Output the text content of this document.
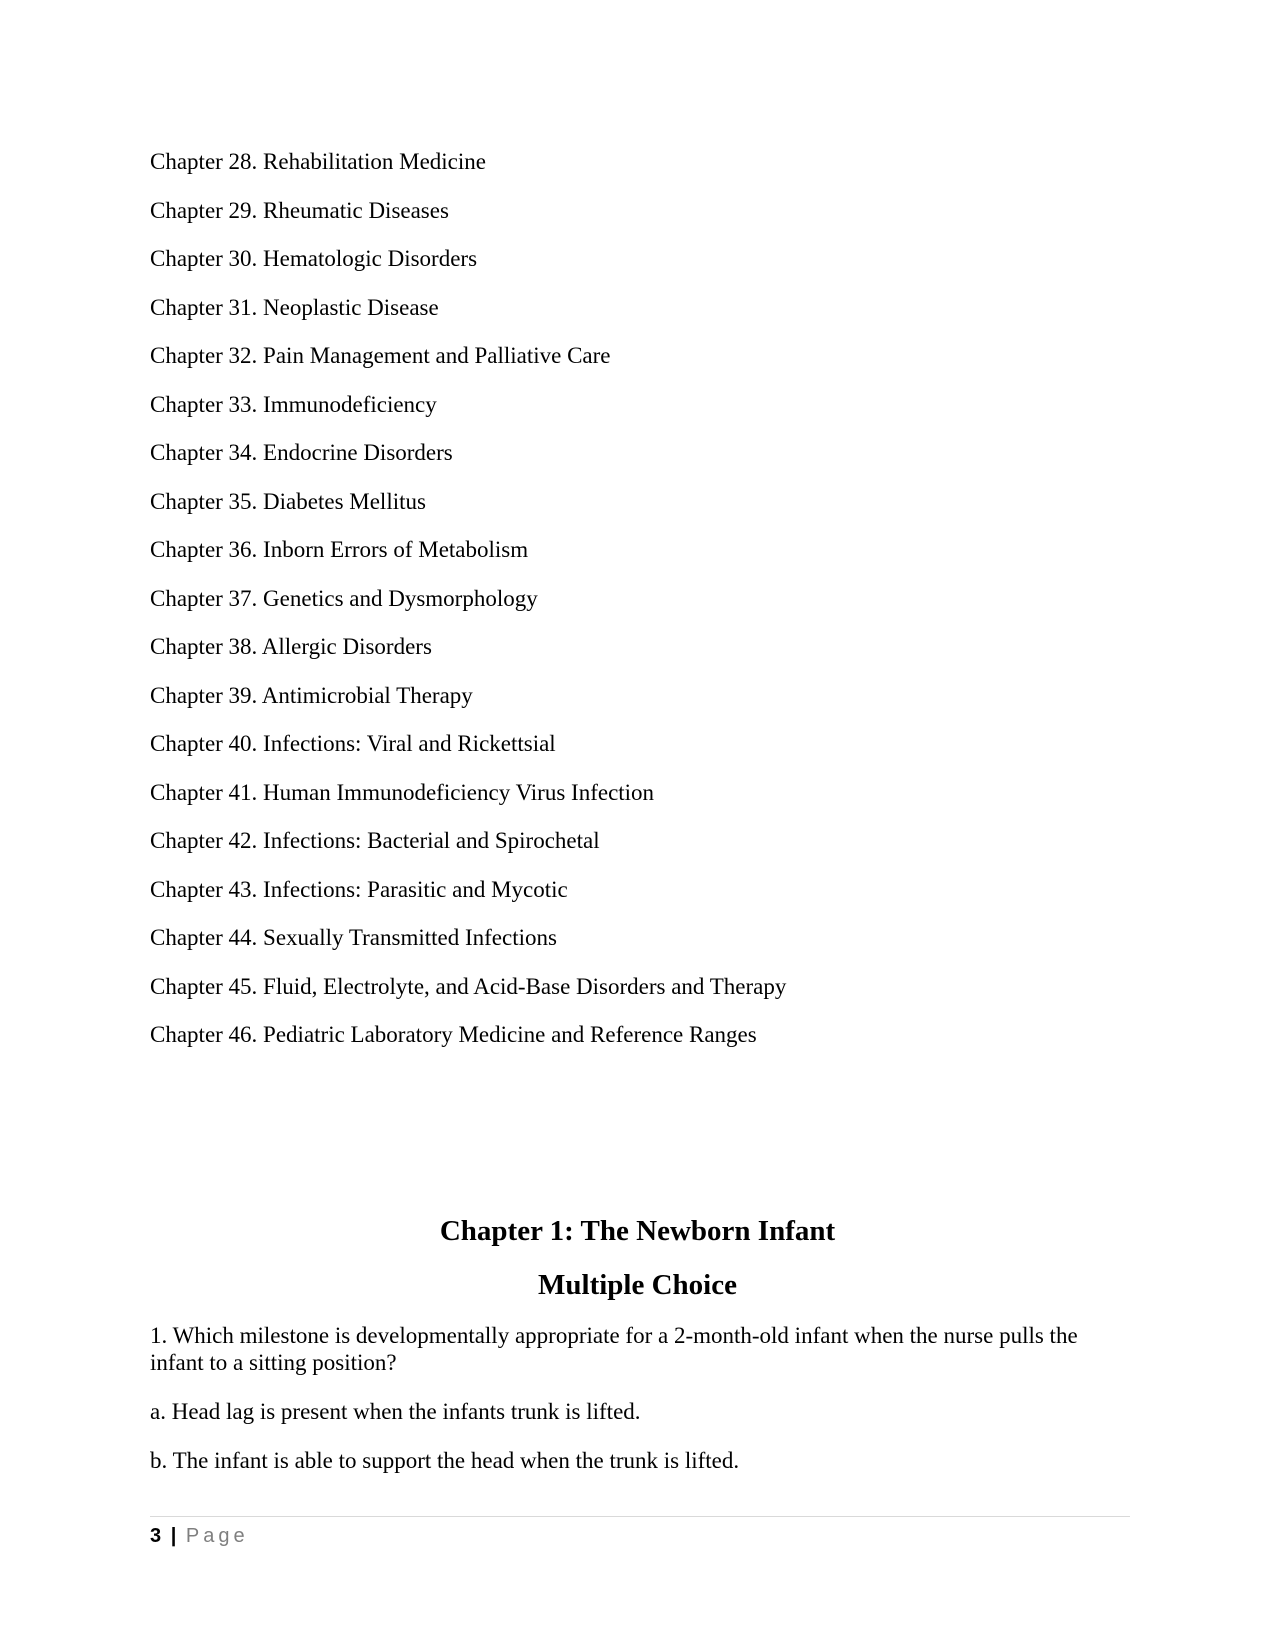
Chapter 28. Rehabilitation Medicine
Chapter 29. Rheumatic Diseases
Chapter 30. Hematologic Disorders
Chapter 31. Neoplastic Disease
Chapter 32. Pain Management and Palliative Care
Chapter 33. Immunodeficiency
Chapter 34. Endocrine Disorders
Chapter 35. Diabetes Mellitus
Chapter 36. Inborn Errors of Metabolism
Chapter 37. Genetics and Dysmorphology
Chapter 38. Allergic Disorders
Chapter 39. Antimicrobial Therapy
Chapter 40. Infections: Viral and Rickettsial
Chapter 41. Human Immunodeficiency Virus Infection
Chapter 42. Infections: Bacterial and Spirochetal
Chapter 43. Infections: Parasitic and Mycotic
Chapter 44. Sexually Transmitted Infections
Chapter 45. Fluid, Electrolyte, and Acid-Base Disorders and Therapy
Chapter 46. Pediatric Laboratory Medicine and Reference Ranges
Chapter 1: The Newborn Infant
Multiple Choice

1. Which milestone is developmentally appropriate for a 2-month-old infant when the nurse pulls the infant to a sitting position?

a. Head lag is present when the infants trunk is lifted.

b. The infant is able to support the head when the trunk is lifted.

3 | Page
